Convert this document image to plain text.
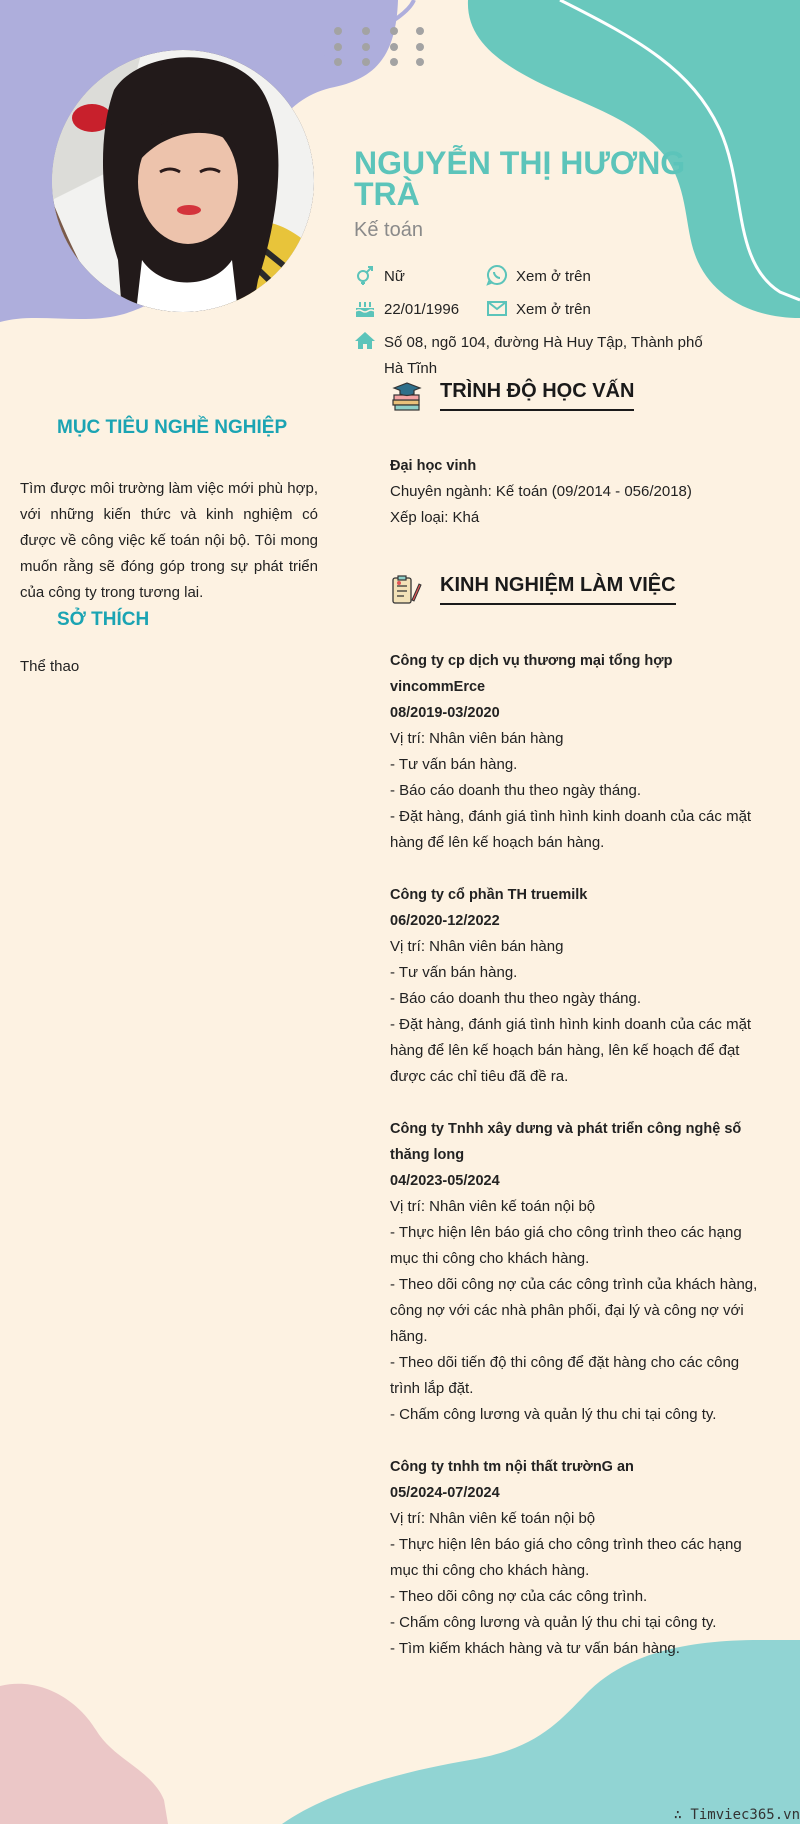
NGUYỄN THỊ HƯƠNG TRÀ

Kế toán

Nữ	Xem ở trên
22/01/1996	Xem ở trên
Số 08, ngõ 104, đường Hà Huy Tập, Thành phố Hà Tĩnh
MỤC TIÊU NGHỀ NGHIỆP

Tìm được môi trường làm việc mới phù hợp, với những kiến thức và kinh nghiệm có được về công việc kế toán nội bộ. Tôi mong muốn rằng sẽ đóng góp trong sự phát triển của công ty trong tương lai.

SỞ THÍCH

Thể thao

TRÌNH ĐỘ HỌC VẤN

Đại học vinh

Chuyên ngành: Kế toán (09/2014 - 056/2018)

Xếp loại: Khá

KINH NGHIỆM LÀM VIỆC

Công ty cp dịch vụ thương mại tổng hợp vincommErce

08/2019-03/2020

Vị trí: Nhân viên bán hàng

- Tư vấn bán hàng.

- Báo cáo doanh thu theo ngày tháng.

- Đặt hàng, đánh giá tình hình kinh doanh của các mặt hàng để lên kế hoạch bán hàng.

Công ty cổ phần TH truemilk

06/2020-12/2022

Vị trí: Nhân viên bán hàng

- Tư vấn bán hàng.

- Báo cáo doanh thu theo ngày tháng.

- Đặt hàng, đánh giá tình hình kinh doanh của các mặt hàng để lên kế hoạch bán hàng, lên kế hoạch để đạt được các chỉ tiêu đã đề ra.

Công ty Tnhh xây dưng và phát triển công nghệ số thăng long

04/2023-05/2024

Vị trí: Nhân viên kế toán nội bộ

- Thực hiện lên báo giá cho công trình theo các hạng mục thi công cho khách hàng.

- Theo dõi công nợ của các công trình của khách hàng, công nợ với các nhà phân phối, đại lý và công nợ với hãng.

- Theo dõi tiến độ thi công để đặt hàng cho các công trình lắp đặt.

- Chấm công lương và quản lý thu chi tại công ty.

Công ty tnhh tm nội thất trườnG an

05/2024-07/2024

Vị trí: Nhân viên kế toán nội bộ

- Thực hiện lên báo giá cho công trình theo các hạng mục thi công cho khách hàng.

- Theo dõi công nợ của các công trình.

- Chấm công lương và quản lý thu chi tại công ty.

- Tìm kiếm khách hàng và tư vấn bán hàng.

∴ Timviec365.vn
